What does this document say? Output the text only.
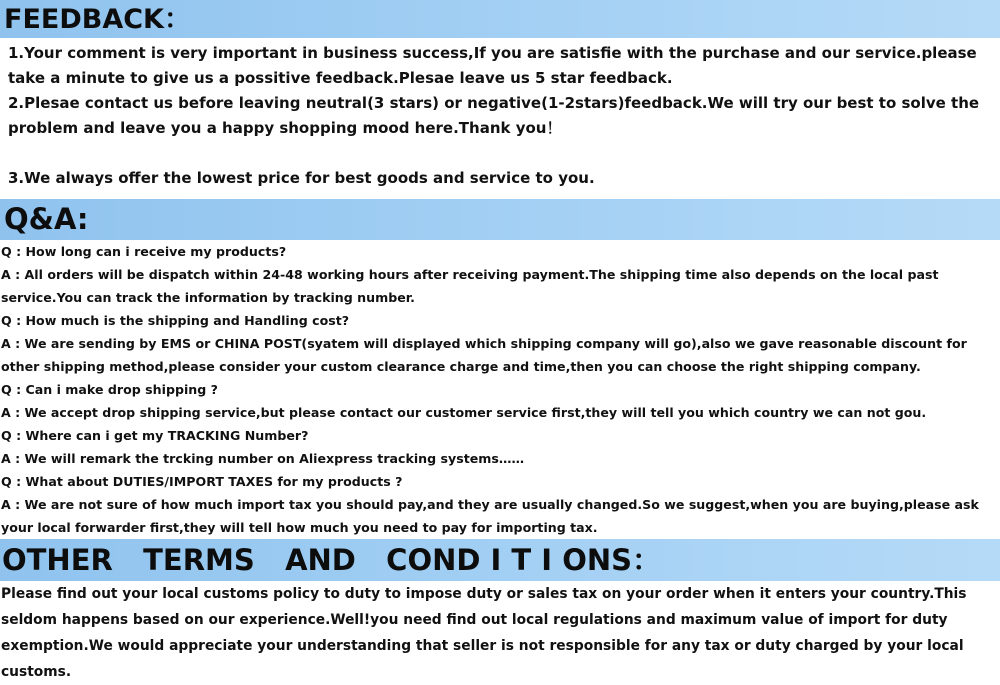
FEEDBACK：

1.Your comment is very important in business success,If you are satisfie with the purchase and our service.please take a minute to give us a possitive feedback.Plesae leave us 5 star feedback.

2.Plesae contact us before leaving neutral(3 stars) or negative(1-2stars)feedback.We will try our best to solve the problem and leave you a happy shopping mood here.Thank you！

3.We always offer the lowest price for best goods and service to you.

Q&A:

Q : How long can i receive my products?

A : All orders will be dispatch within 24-48 working hours after receiving payment.The shipping time also depends on the local past service.You can track the information by tracking number.

Q : How much is the shipping and Handling cost?

A : We are sending by EMS or CHINA POST(syatem will displayed which shipping company will go),also we gave reasonable discount for other shipping method,please consider your custom clearance charge and time,then you can choose the right shipping company.

Q : Can i make drop shipping ?

A : We accept drop shipping service,but please contact our customer service first,they will tell you which country we can not gou.

Q : Where can i get my TRACKING Number?

A : We will remark the trcking number on Aliexpress tracking systems……

Q : What about DUTIES/IMPORT TAXES for my products ?

A : We are not sure of how much import tax you should pay,and they are usually changed.So we suggest,when you are buying,please ask your local forwarder first,they will tell how much you need to pay for importing tax.

OTHER   TERMS   AND   COND I T I ONS：

Please find out your local customs policy to duty to impose duty or sales tax on your order when it enters your country.This seldom happens based on our experience.Well!you need find out local regulations and maximum value of import for duty exemption.We would appreciate your understanding that seller is not responsible for any tax or duty charged by your local customs.
